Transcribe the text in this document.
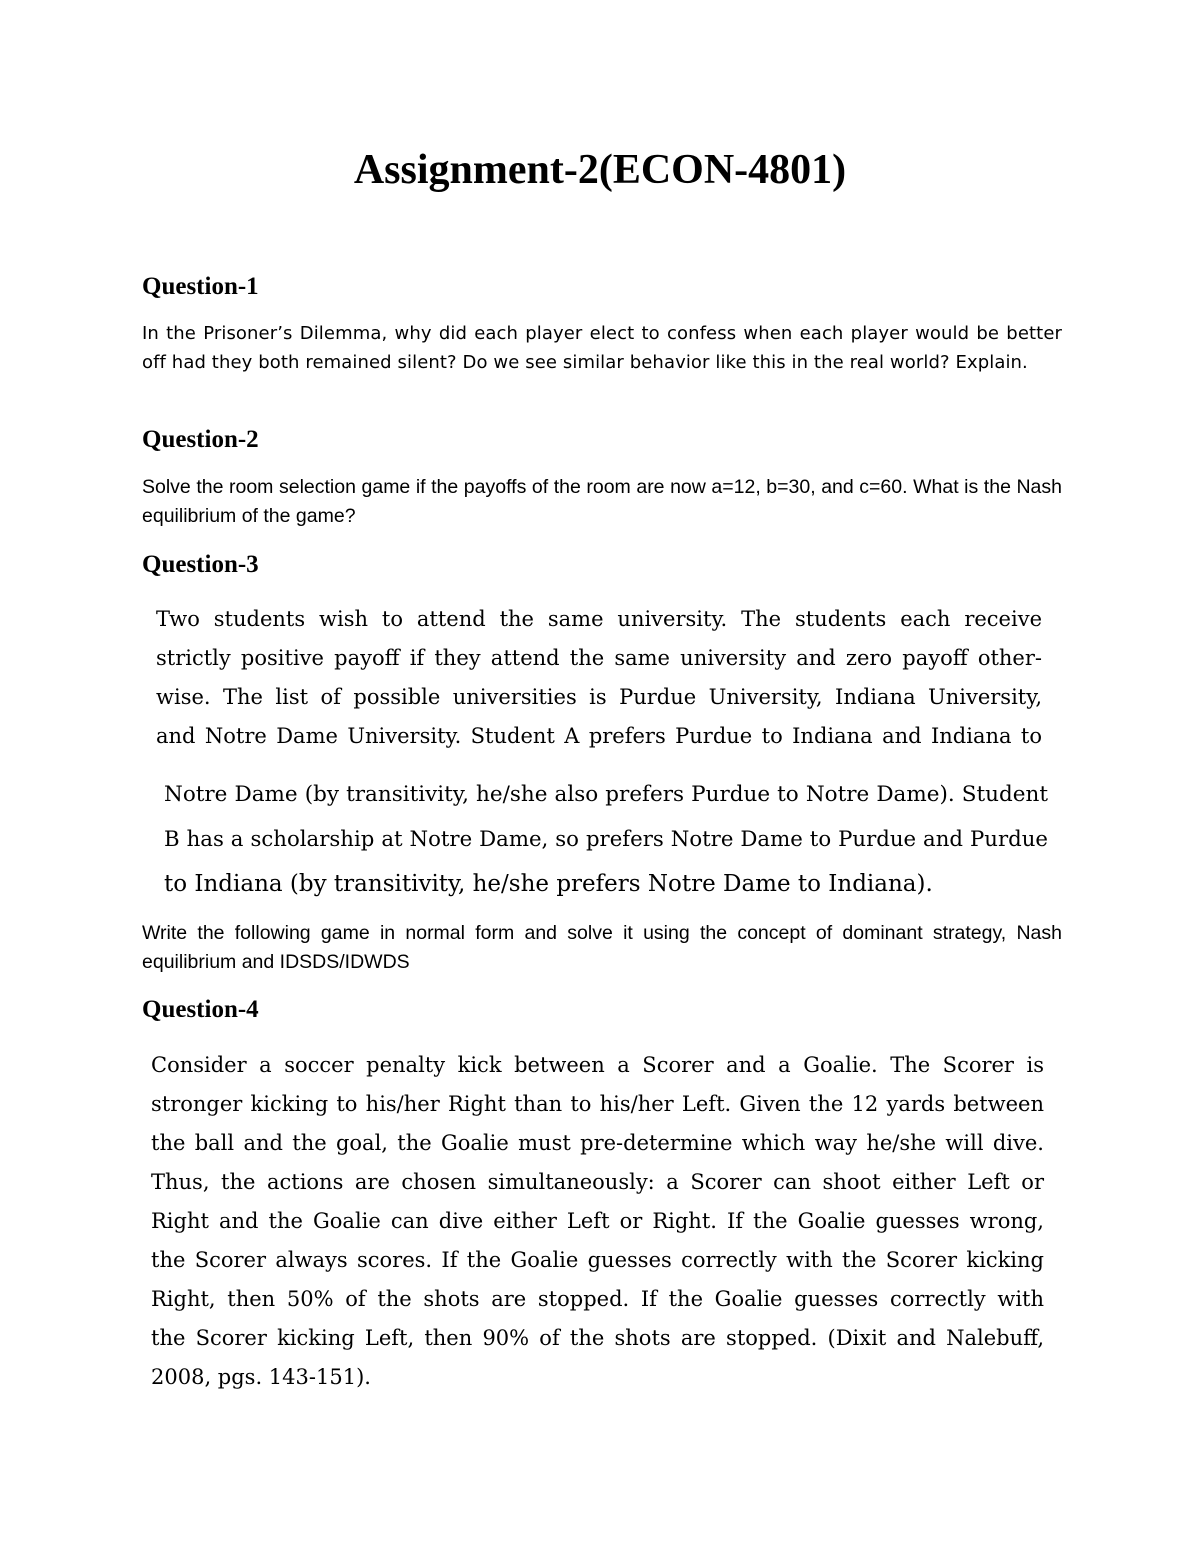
Assignment-2(ECON-4801)
Question-1

In the Prisoner’s Dilemma, why did each player elect to confess when each player would be better off had they both remained silent? Do we see similar behavior like this in the real world? Explain.

Question-2

Solve the room selection game if the payoffs of the room are now a=12, b=30, and c=60. What is the Nash equilibrium of the game?

Question-3
Two students wish to attend the same university. The students each receive
strictly positive payoff if they attend the same university and zero payoff other-
wise. The list of possible universities is Purdue University, Indiana University,
and Notre Dame University. Student A prefers Purdue to Indiana and Indiana to
Notre Dame (by transitivity, he/she also prefers Purdue to Notre Dame). Student
B has a scholarship at Notre Dame, so prefers Notre Dame to Purdue and Purdue
to Indiana (by transitivity, he/she prefers Notre Dame to Indiana).

Write the following game in normal form and solve it using the concept of dominant strategy, Nash equilibrium and IDSDS/IDWDS

Question-4
Consider a soccer penalty kick between a Scorer and a Goalie. The Scorer is
stronger kicking to his/her Right than to his/her Left. Given the 12 yards between
the ball and the goal, the Goalie must pre-determine which way he/she will dive.
Thus, the actions are chosen simultaneously: a Scorer can shoot either Left or
Right and the Goalie can dive either Left or Right. If the Goalie guesses wrong,
the Scorer always scores. If the Goalie guesses correctly with the Scorer kicking
Right, then 50% of the shots are stopped. If the Goalie guesses correctly with
the Scorer kicking Left, then 90% of the shots are stopped. (Dixit and Nalebuff,
2008, pgs. 143-151).
